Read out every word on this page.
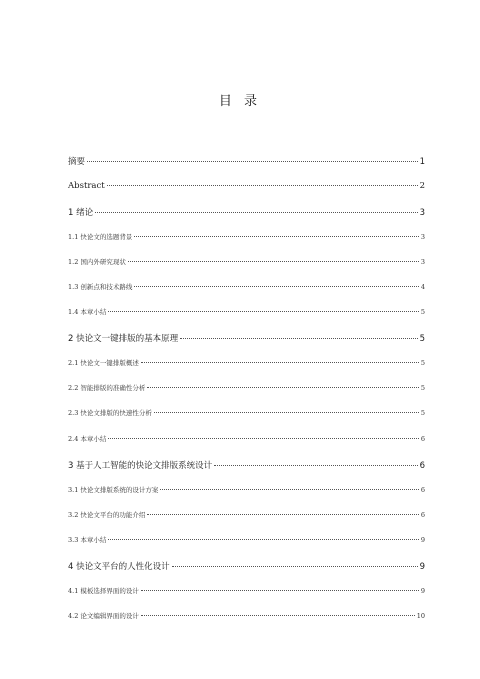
目 录
摘要	1
Abstract	2
1 绪论	3
1.1 快论文的选题背景	3
1.2 国内外研究现状	3
1.3 创新点和技术路线	4
1.4 本章小结	5
2 快论文一键排版的基本原理	5
2.1 快论文一键排版概述	5
2.2 智能排版的准确性分析	5
2.3 快论文排版的快速性分析	5
2.4 本章小结	6
3 基于人工智能的快论文排版系统设计	6
3.1 快论文排版系统的设计方案	6
3.2 快论文平台的功能介绍	6
3.3 本章小结	9
4 快论文平台的人性化设计	9
4.1 模板选择界面的设计	9
4.2 论文编辑界面的设计	10
